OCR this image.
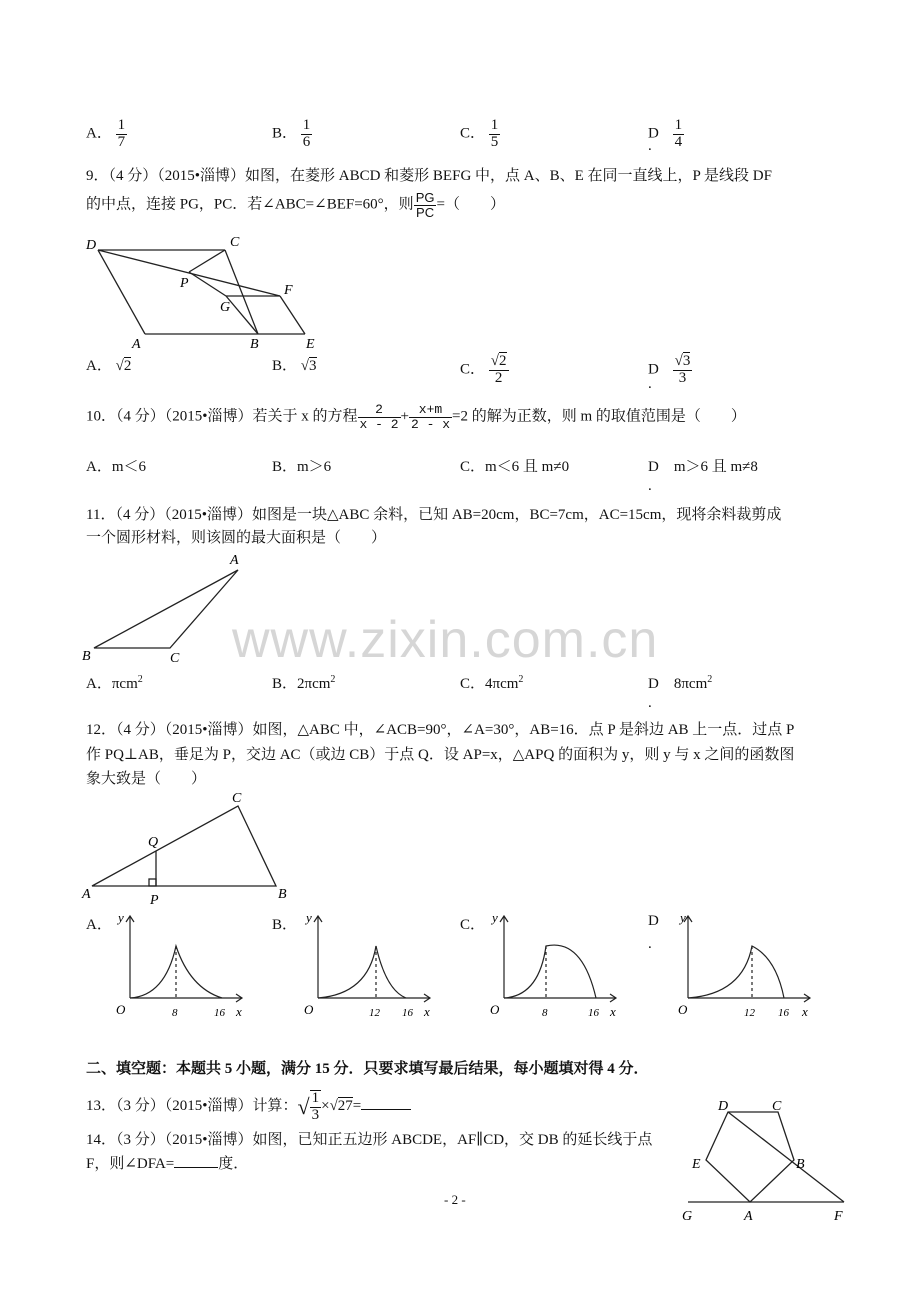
www.zixin.com.cn
A． $\frac{1}{7}$	B． $\frac{1}{6}$	C． $\frac{1}{5}$	D $\frac{1}{4}$
.
9．（4 分）（2015•淄博）如图，在菱形 ABCD 和菱形 BEFG 中，点 A、B、E 在同一直线上，P 是线段 DF
的中点，连接 PG，PC．若∠ABC=∠BEF=60°，则 $\frac{PG}{PC}$ =（　　）
D	C
P
G
F
A	B	E
A． √2	B． √3	C． $\frac{√2}{2}$	D $\frac{√3}{3}$
.
10．（4 分）（2015•淄博）若关于 x 的方程 $\frac{2}{x - 2} + \frac{x+m}{2 - x} =2$ 的解为正数，则 m 的取值范围是（　　）
A．m＜6	B．m＞6	C．m＜6 且 m≠0	D　m＞6 且 m≠8
.
11．（4 分）（2015•淄博）如图是一块△ABC 余料，已知 AB=20cm，BC=7cm，AC=15cm，现将余料裁剪成
一个圆形材料，则该圆的最大面积是（　　）
A
B	C
A．πcm$^2$	B．2πcm$^2$	C．4πcm$^2$	D　8πcm$^2$
.
12．（4 分）（2015•淄博）如图，△ABC 中，∠ACB=90°，∠A=30°，AB=16．点 P 是斜边 AB 上一点．过点 P
作 PQ⊥AB，垂足为 P，交边 AC（或边 CB）于点 Q．设 AP=x，△APQ 的面积为 y，则 y 与 x 之间的函数图
象大致是（　　）
C
Q
A	P	B
A．	B．	C．	D
.
y
x
O	8	16
y
x
O	12 16
y
x
O	8	16
y
x
O	12 16
二、填空题：本题共 5 小题，满分 15 分．只要求填写最后结果，每小题填对得 4 分．
13．（3 分）（2015•淄博）计算：√ $\frac{1}{3} \times√27=$
14．（3 分）（2015•淄博）如图，已知正五边形 ABCDE，AF∥CD，交 DB 的延长线于点
F，则∠DFA=	度．
D	C
E	B
G	A	F
- 2 -
